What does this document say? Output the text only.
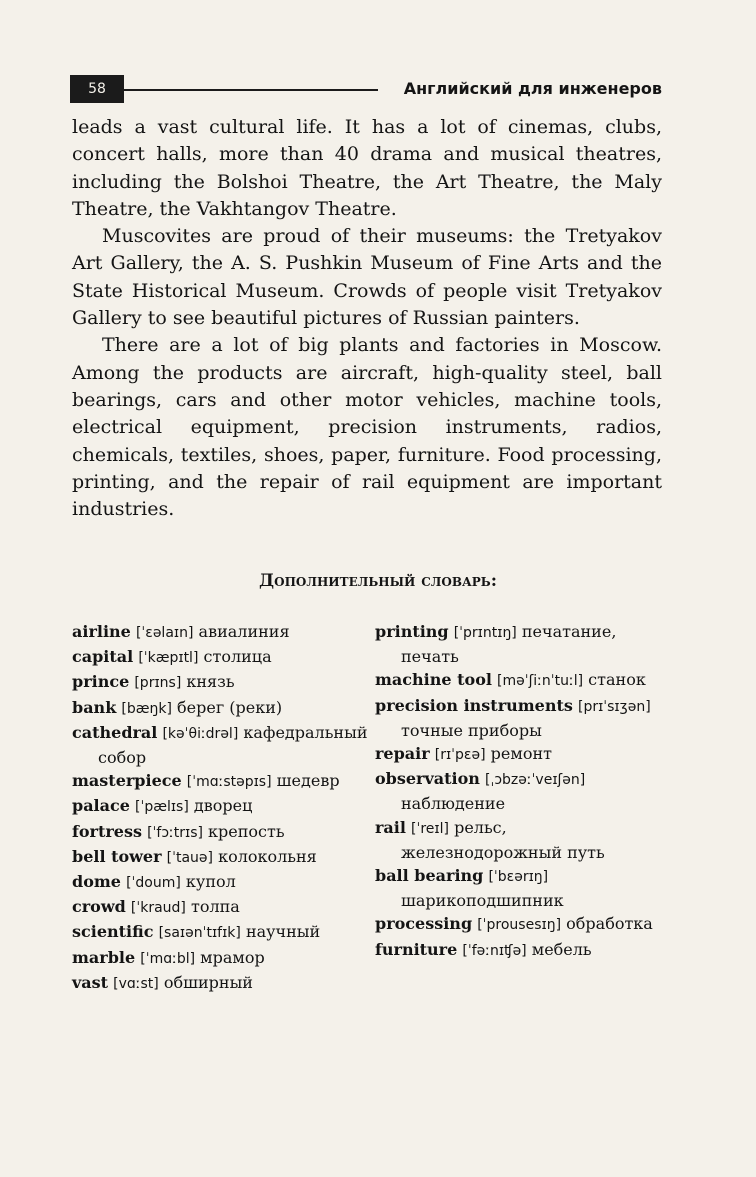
58	Английский для инженеров

leads a vast cultural life. It has a lot of cinemas, clubs, concert halls, more than 40 drama and musical theatres, including the Bolshoi Theatre, the Art Theatre, the Maly Theatre, the Vakhtangov Theatre.

Muscovites are proud of their museums: the Tretyakov Art Gallery, the A. S. Pushkin Museum of Fine Arts and the State Historical Museum. Crowds of people visit Tretyakov Gallery to see beautiful pictures of Russian painters.

There are a lot of big plants and factories in Moscow. Among the products are aircraft, high-quality steel, ball bearings, cars and other motor vehicles, machine tools, electrical equipment, precision instruments, radios, chemicals, textiles, shoes, paper, furniture. Food processing, printing, and the repair of rail equipment are important industries.

Дополнительный словарь:
airline [ˈɛəlaɪn] авиалиния
capital [ˈkæpɪtl] столица
prince [prɪns] князь
bank [bæŋk] берег (реки)
cathedral [kəˈθiːdrəl] кафедральный собор
masterpiece [ˈmɑːstəpɪs] шедевр
palace [ˈpælɪs] дворец
fortress [ˈfɔːtrɪs] крепость
bell tower [ˈtauə] колокольня
dome [ˈdoum] купол
crowd [ˈkraud] толпа
scientific [saɪənˈtɪfɪk] научный
marble [ˈmɑːbl] мрамор
vast [vɑːst] обширный
printing [ˈprɪntɪŋ] печатание, печать
machine tool [məˈʃiːnˈtuːl] станок
precision instruments [prɪˈsɪʒən] точные приборы
repair [rɪˈpɛə] ремонт
observation [ˌɔbzəːˈveɪʃən] наблюдение
rail [ˈreɪl] рельс, железнодорожный путь
ball bearing [ˈbɛərɪŋ] шарикоподшипник
processing [ˈprousesɪŋ] обработка
furniture [ˈfəːnɪʧə] мебель
